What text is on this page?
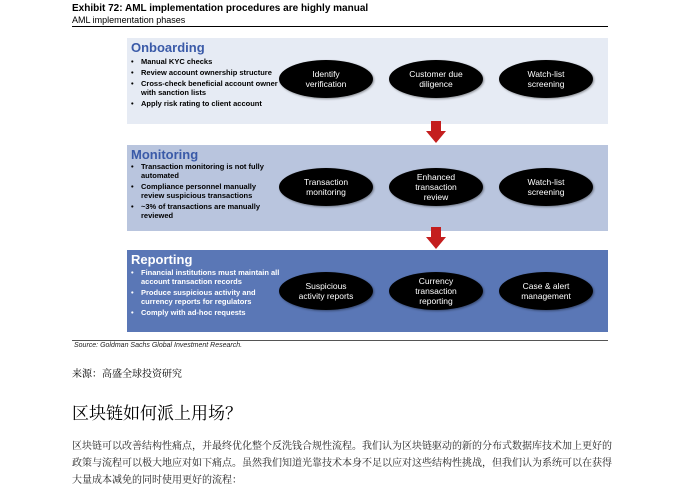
Exhibit 72: AML implementation procedures are highly manual
AML implementation phases
Onboarding
• Manual KYC checks
• Review account ownership structure
• Cross-check beneficial account owner with sanction lists
• Apply risk rating to client account
Identify
verification
Customer due
diligence
Watch-list
screening
Monitoring
• Transaction monitoring is not fully automated
• Compliance personnel manually review suspicious transactions
• ~3% of transactions are manually reviewed
Transaction
monitoring
Enhanced
transaction
review
Watch-list
screening
Reporting
• Financial institutions must maintain all account transaction records
• Produce suspicious activity and currency reports for regulators
• Comply with ad-hoc requests
Suspicious
activity reports
Currency
transaction
reporting
Case & alert
management
Source: Goldman Sachs Global Investment Research.
来源：高盛全球投资研究
区块链如何派上用场？
区块链可以改善结构性痛点，并最终优化整个反洗钱合规性流程。我们认为区块链驱动的新的分布式数据库技术加上更好的政策与流程可以极大地应对如下痛点。虽然我们知道光靠技术本身不足以应对这些结构性挑战，但我们认为系统可以在获得大量成本减免的同时使用更好的流程：
